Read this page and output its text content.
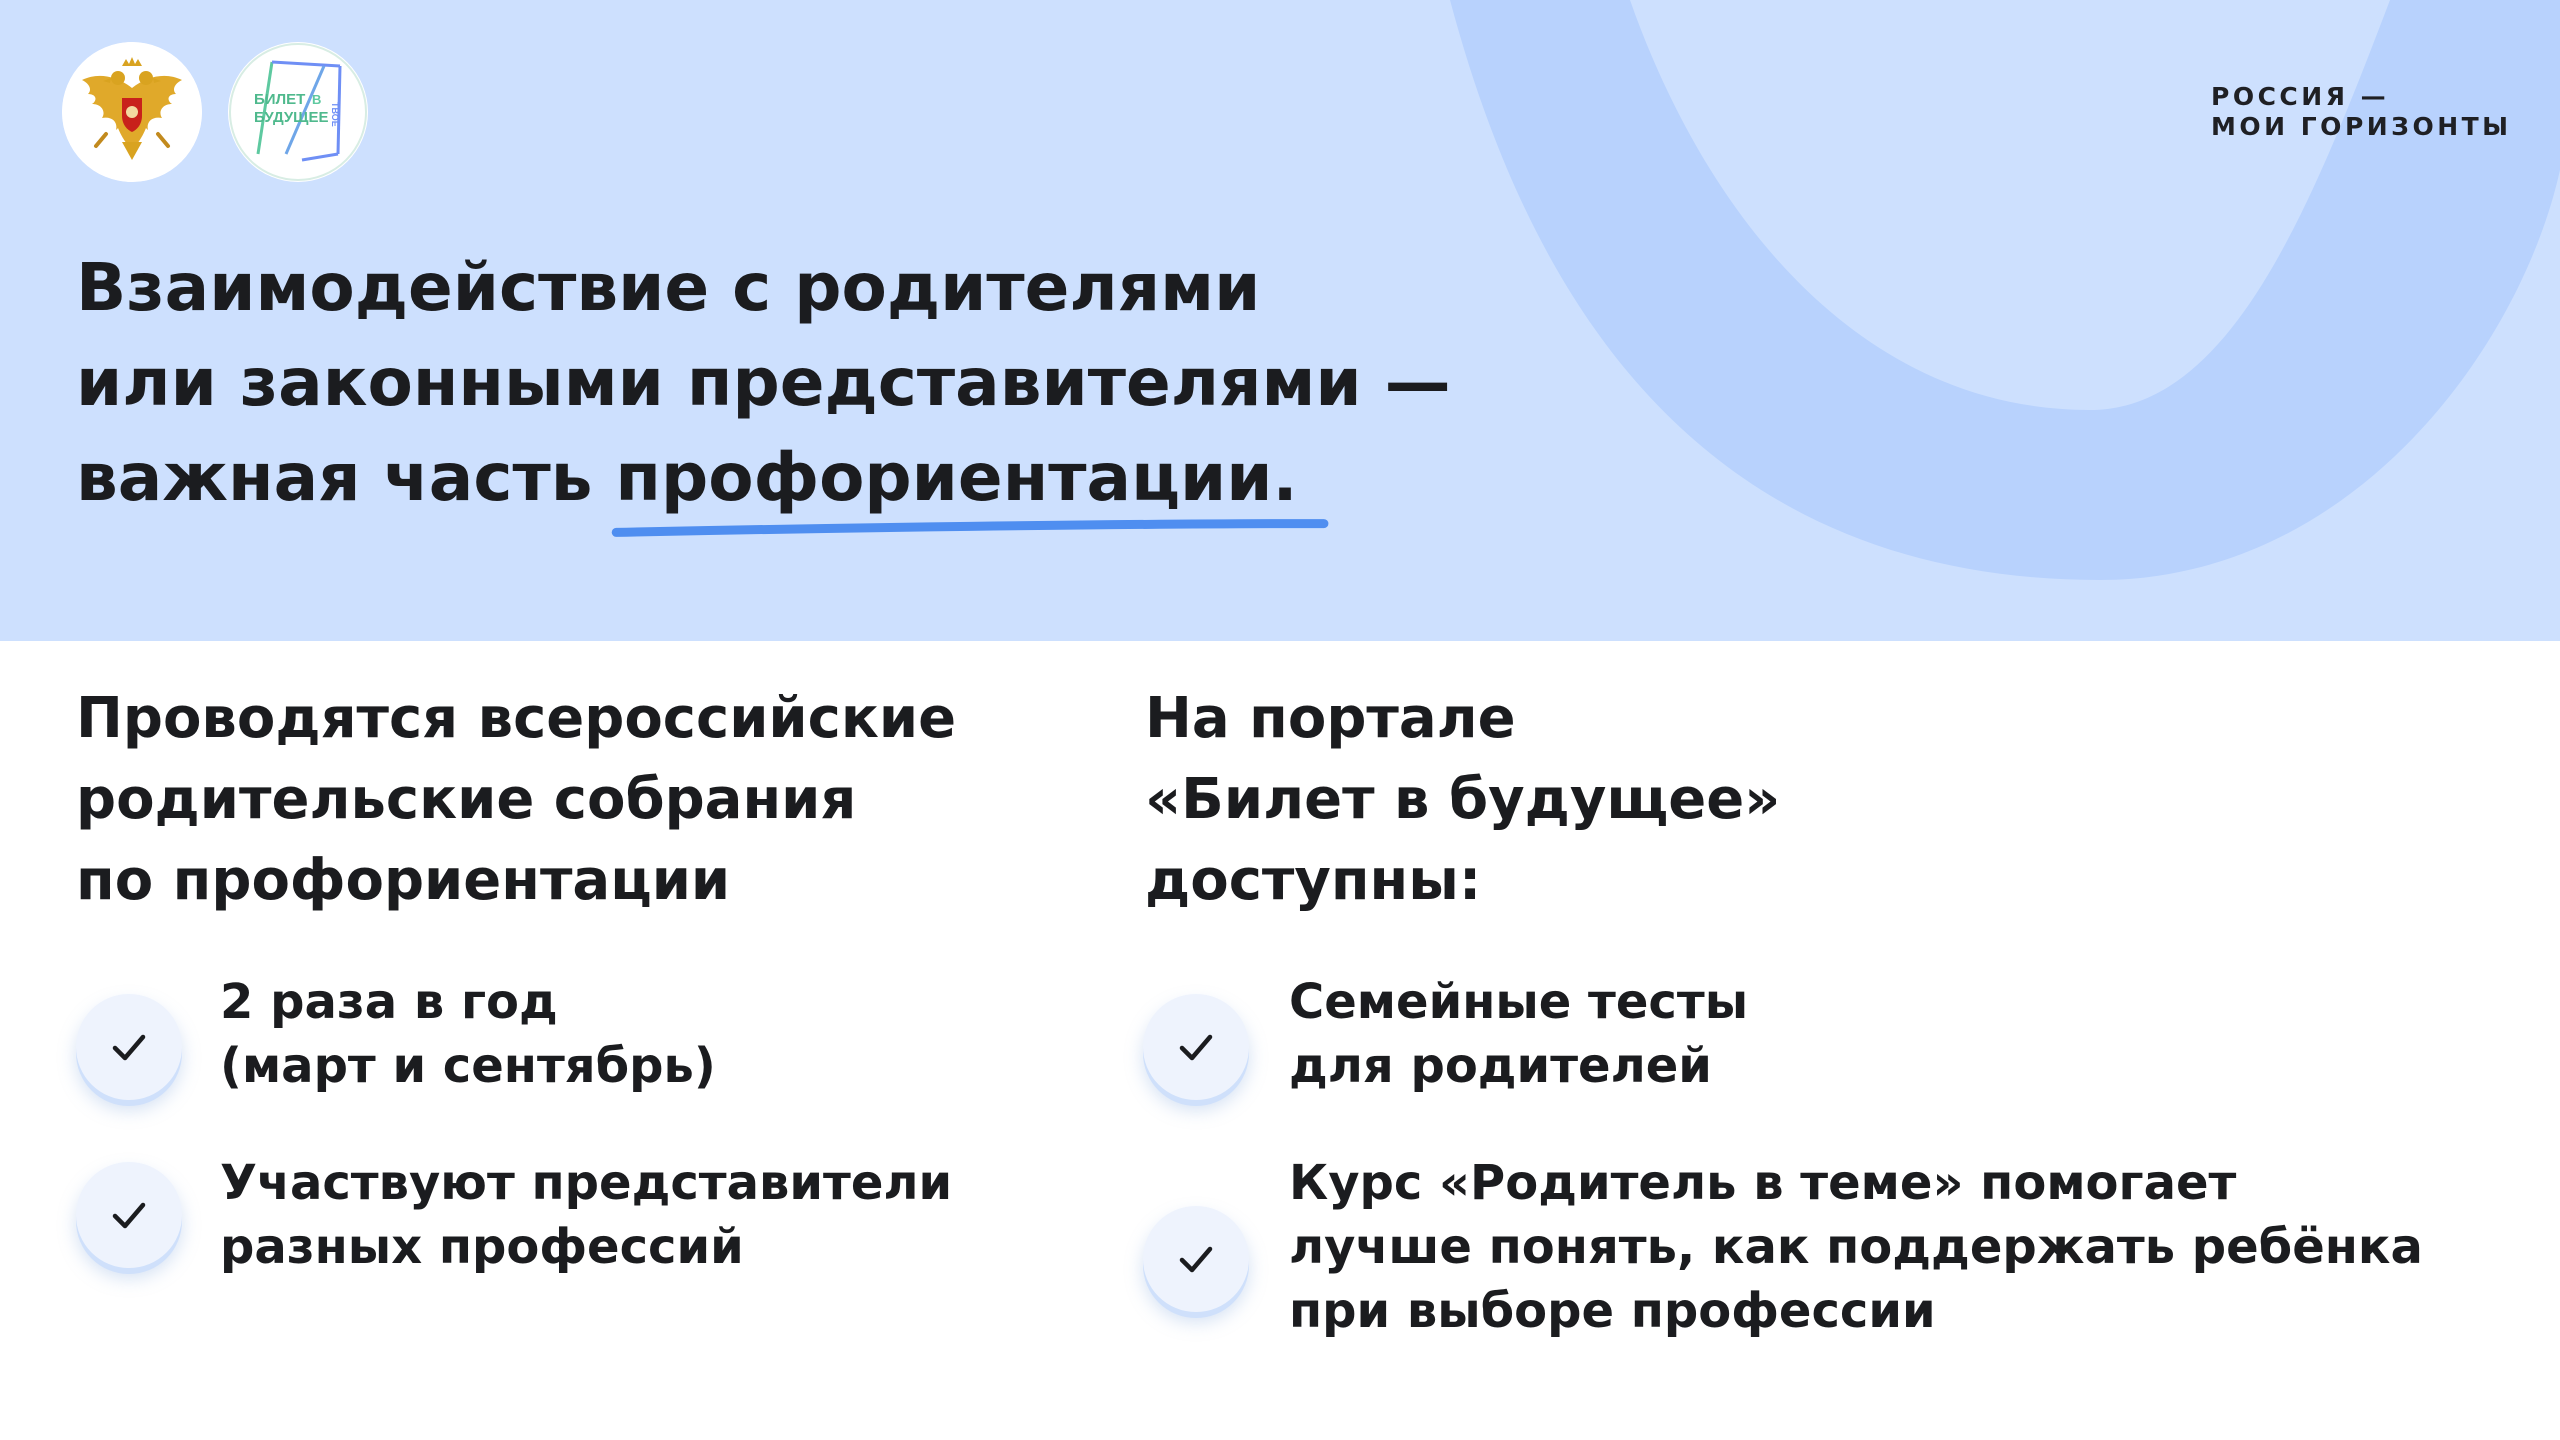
БИЛЕТ В
БУДУЩЕЕ ТВОЁ
РОССИЯ —
МОИ ГОРИЗОНТЫ
Взаимодействие с родителями
или законными представителями —
важная часть профориентации.
Проводятся всероссийские
родительские собрания
по профориентации
2 раза в год
(март и сентябрь)
Участвуют представители
разных профессий
На портале
«Билет в будущее»
доступны:
Семейные тесты
для родителей
Курс «Родитель в теме» помогает
лучше понять, как поддержать ребёнка
при выборе профессии
